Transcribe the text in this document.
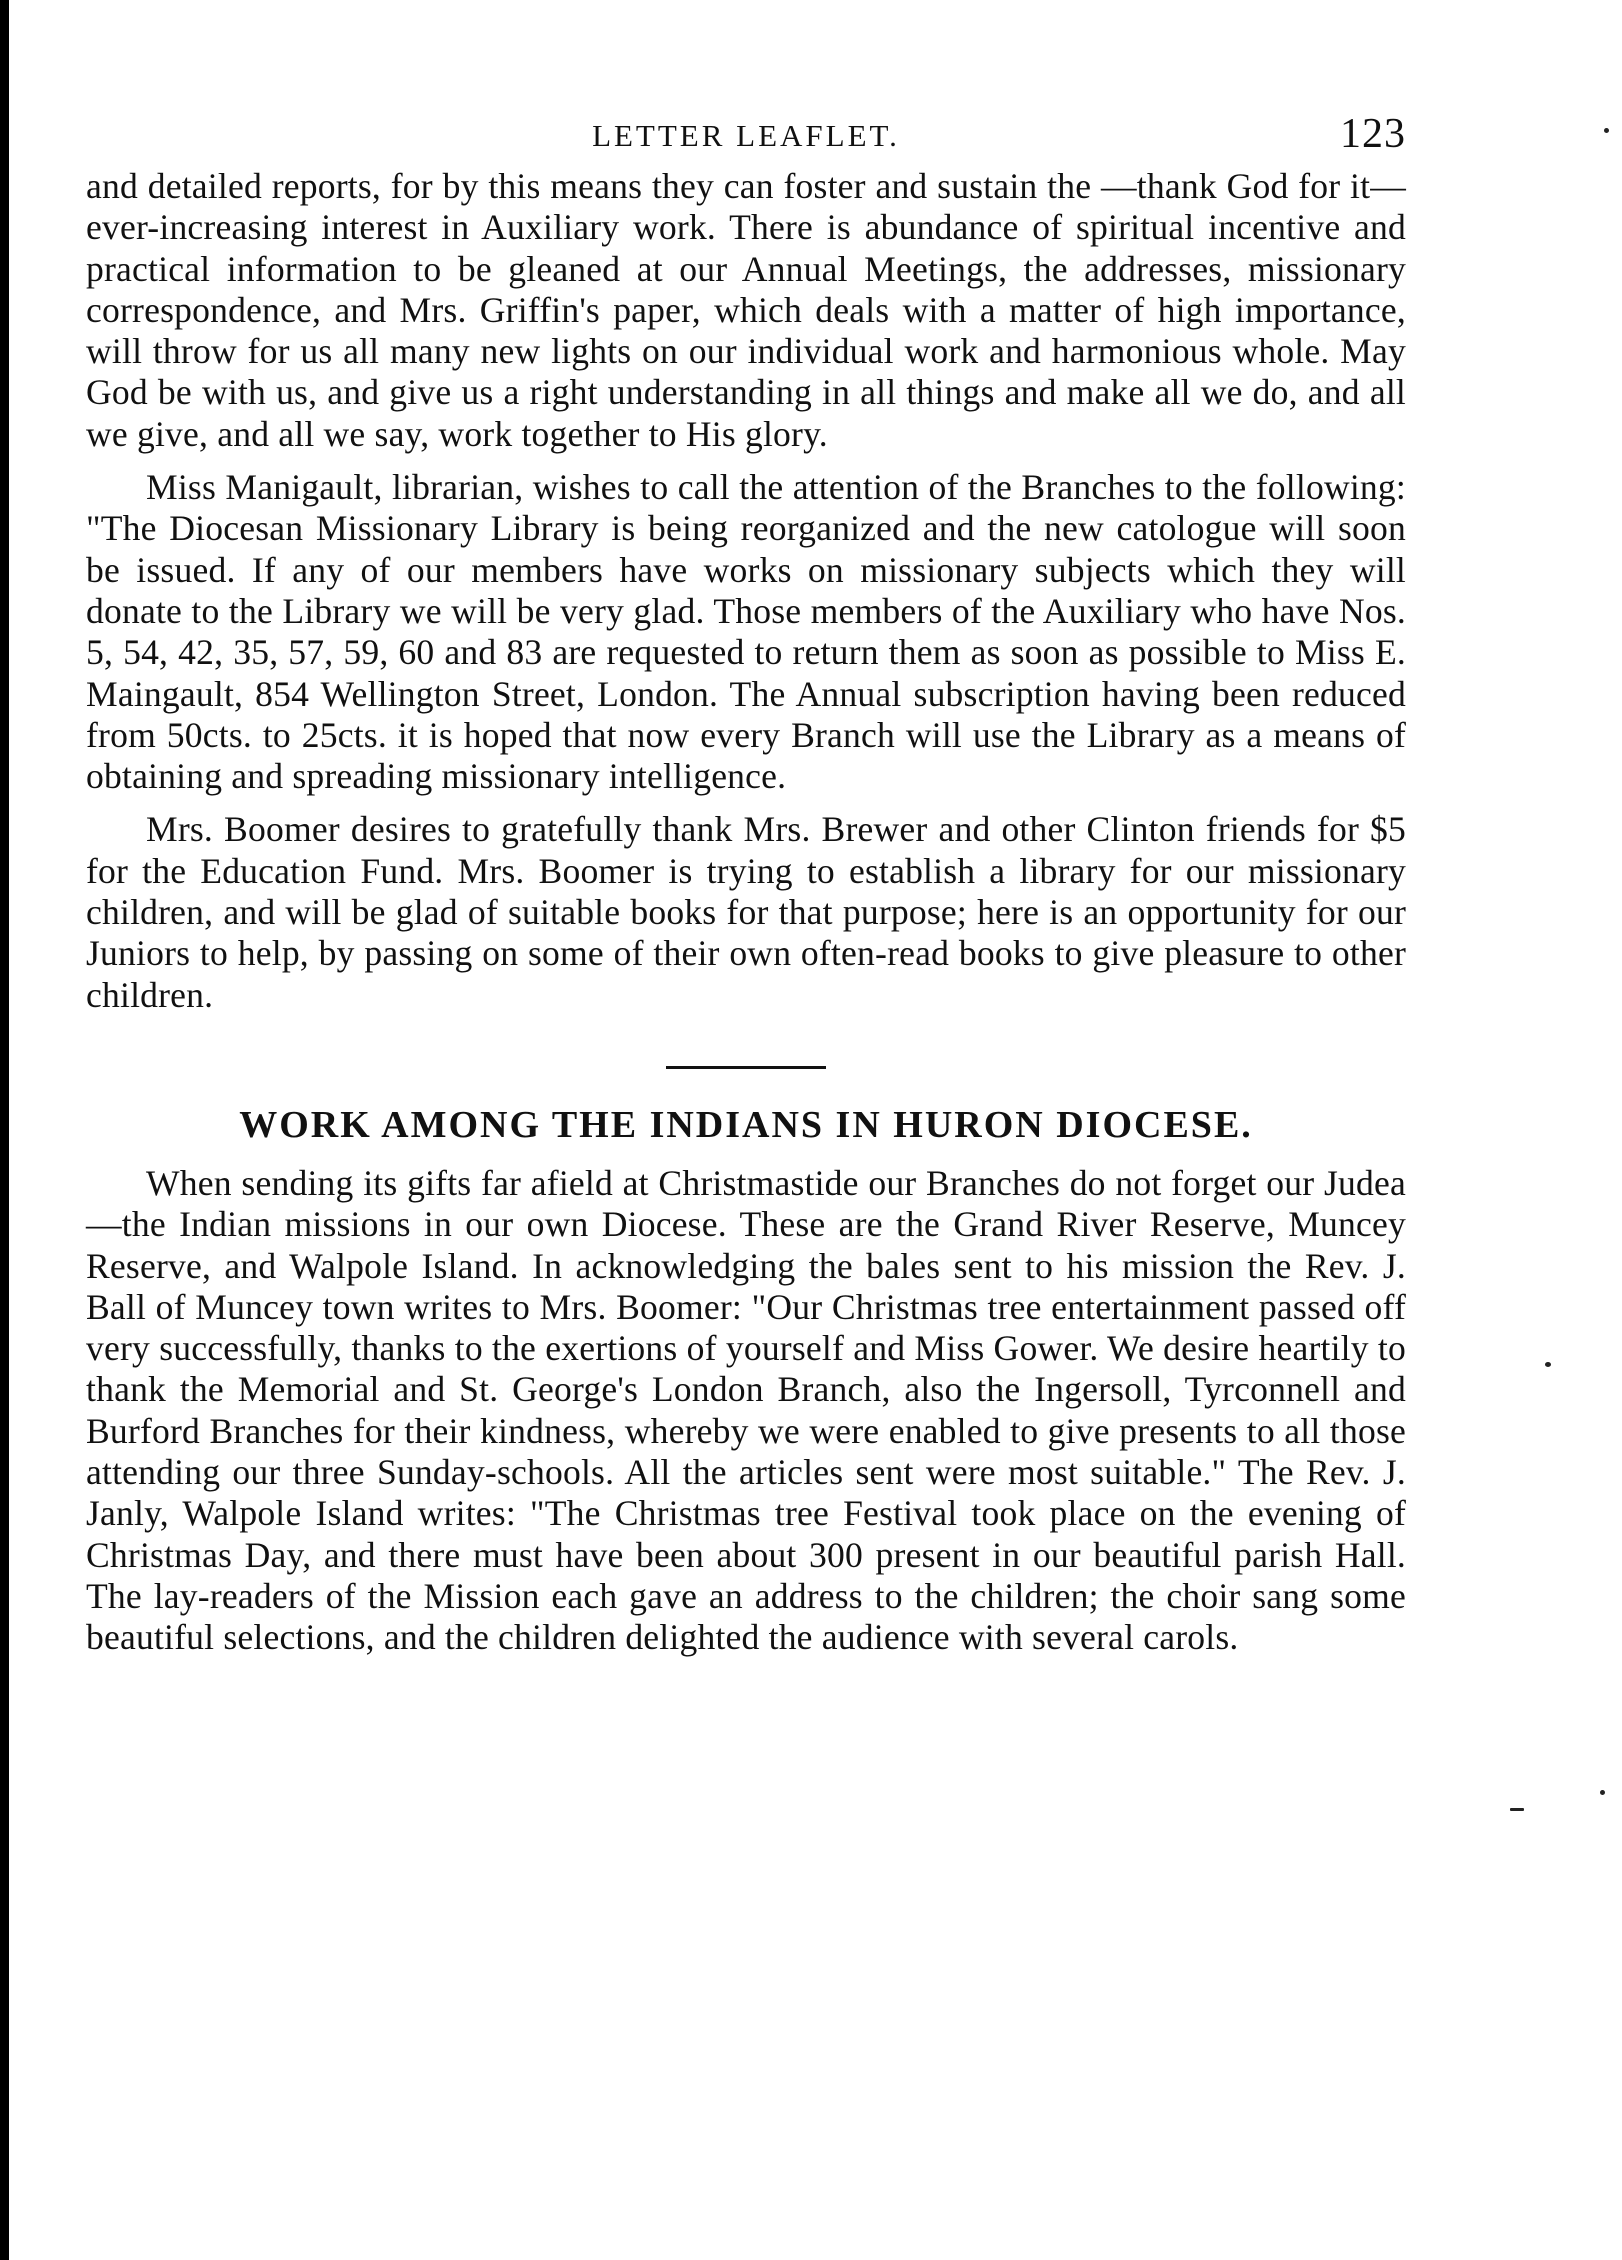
LETTER LEAFLET.	123

and detailed reports, for by this means they can foster and sustain the —thank God for it—ever-increasing interest in Auxiliary work. There is abundance of spiritual incentive and practical information to be gleaned at our Annual Meetings, the addresses, missionary correspondence, and Mrs. Griffin's paper, which deals with a matter of high importance, will throw for us all many new lights on our individual work and harmonious whole. May God be with us, and give us a right understanding in all things and make all we do, and all we give, and all we say, work together to His glory.

Miss Manigault, librarian, wishes to call the attention of the Branches to the following: "The Diocesan Missionary Library is being reorganized and the new catologue will soon be issued. If any of our members have works on missionary subjects which they will donate to the Library we will be very glad. Those members of the Auxiliary who have Nos. 5, 54, 42, 35, 57, 59, 60 and 83 are requested to return them as soon as possible to Miss E. Maingault, 854 Wellington Street, London. The Annual subscription having been reduced from 50cts. to 25cts. it is hoped that now every Branch will use the Library as a means of obtaining and spreading missionary intelligence.

Mrs. Boomer desires to gratefully thank Mrs. Brewer and other Clinton friends for $5 for the Education Fund. Mrs. Boomer is trying to establish a library for our missionary children, and will be glad of suitable books for that purpose; here is an opportunity for our Juniors to help, by passing on some of their own often-read books to give pleasure to other children.

WORK AMONG THE INDIANS IN HURON DIOCESE.

When sending its gifts far afield at Christmastide our Branches do not forget our Judea—the Indian missions in our own Diocese. These are the Grand River Reserve, Muncey Reserve, and Walpole Island. In acknowledging the bales sent to his mission the Rev. J. Ball of Muncey town writes to Mrs. Boomer: "Our Christmas tree entertainment passed off very successfully, thanks to the exertions of yourself and Miss Gower. We desire heartily to thank the Memorial and St. George's London Branch, also the Ingersoll, Tyrconnell and Burford Branches for their kindness, whereby we were enabled to give presents to all those attending our three Sunday-schools. All the articles sent were most suitable." The Rev. J. Janly, Walpole Island writes: "The Christmas tree Festival took place on the evening of Christmas Day, and there must have been about 300 present in our beautiful parish Hall. The lay-readers of the Mission each gave an address to the children; the choir sang some beautiful selections, and the children delighted the audience with several carols.
